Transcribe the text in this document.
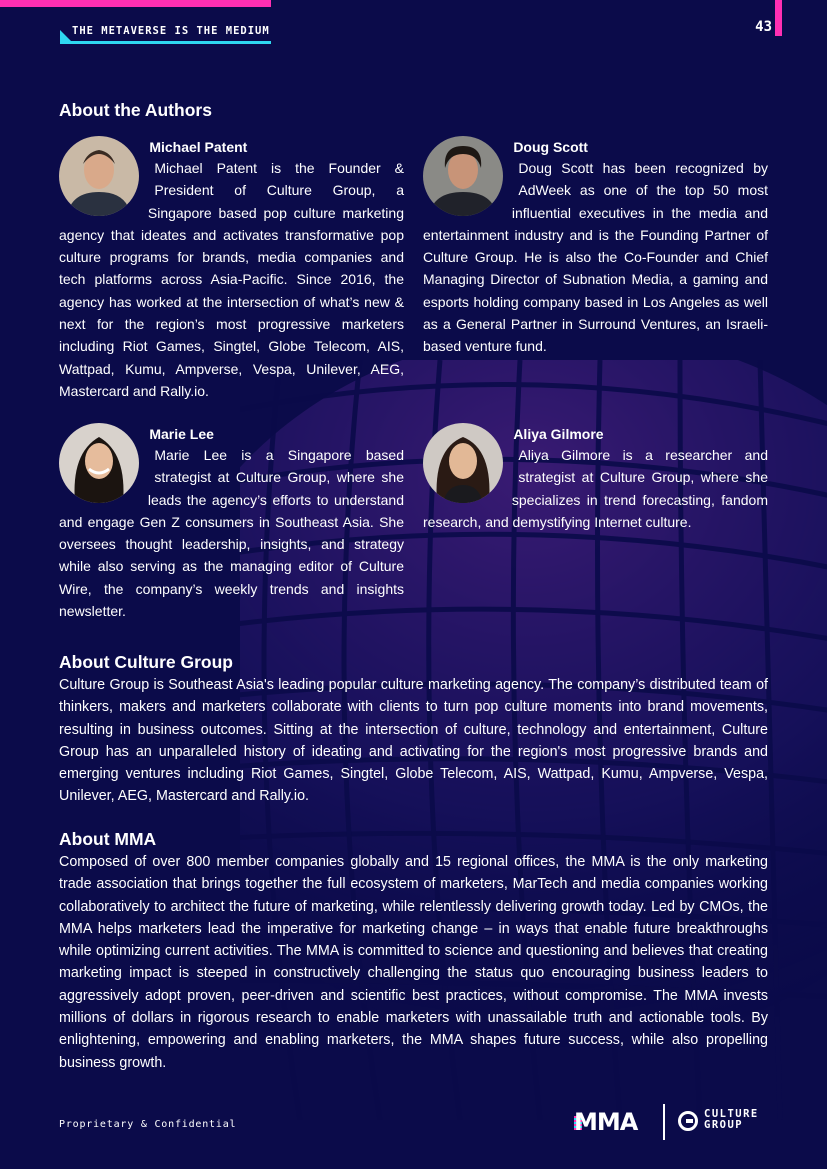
THE METAVERSE IS THE MEDIUM	43
About the Authors

Michael Patent

Michael Patent is the Founder & President of Culture Group, a Singapore based pop culture marketing agency that ideates and activates transformative pop culture programs for brands, media companies and tech platforms across Asia-Pacific. Since 2016, the agency has worked at the intersection of what’s new & next for the region’s most progressive marketers including Riot Games, Singtel, Globe Telecom, AIS, Wattpad, Kumu, Ampverse, Vespa, Unilever, AEG, Mastercard and Rally.io.

Doug Scott

Doug Scott has been recognized by AdWeek as one of the top 50 most influential executives in the media and entertainment industry and is the Founding Partner of Culture Group. He is also the Co-Founder and Chief Managing Director of Subnation Media, a gaming and esports holding company based in Los Angeles as well as a General Partner in Surround Ventures, an Israeli-based venture fund.

Marie Lee

Marie Lee is a Singapore based strategist at Culture Group, where she leads the agency’s efforts to understand and engage Gen Z consumers in Southeast Asia. She oversees thought leadership, insights, and strategy while also serving as the managing editor of Culture Wire, the company’s weekly trends and insights newsletter.

Aliya Gilmore

Aliya Gilmore is a researcher and strategist at Culture Group, where she specializes in trend forecasting, fandom research, and demystifying Internet culture.

About Culture Group

Culture Group is Southeast Asia's leading popular culture marketing agency. The company’s distributed team of thinkers, makers and marketers collaborate with clients to turn pop culture moments into brand movements, resulting in business outcomes. Sitting at the intersection of culture, technology and entertainment, Culture Group has an unparalleled history of ideating and activating for the region's most progressive brands and emerging ventures including Riot Games, Singtel, Globe Telecom, AIS, Wattpad, Kumu, Ampverse, Vespa, Unilever, AEG, Mastercard and Rally.io.

About MMA

Composed of over 800 member companies globally and 15 regional offices, the MMA is the only marketing trade association that brings together the full ecosystem of marketers, MarTech and media companies working collaboratively to architect the future of marketing, while relentlessly delivering growth today. Led by CMOs, the MMA helps marketers lead the imperative for marketing change – in ways that enable future breakthroughs while optimizing current activities. The MMA is committed to science and questioning and believes that creating marketing impact is steeped in constructively challenging the status quo encouraging business leaders to aggressively adopt proven, peer-driven and scientific best practices, without compromise. The MMA invests millions of dollars in rigorous research to enable marketers with unassailable truth and actionable tools. By enlightening, empowering and enabling marketers, the MMA shapes future success, while also propelling business growth.

Proprietary & Confidential	MMA	CULTURE
GROUP
